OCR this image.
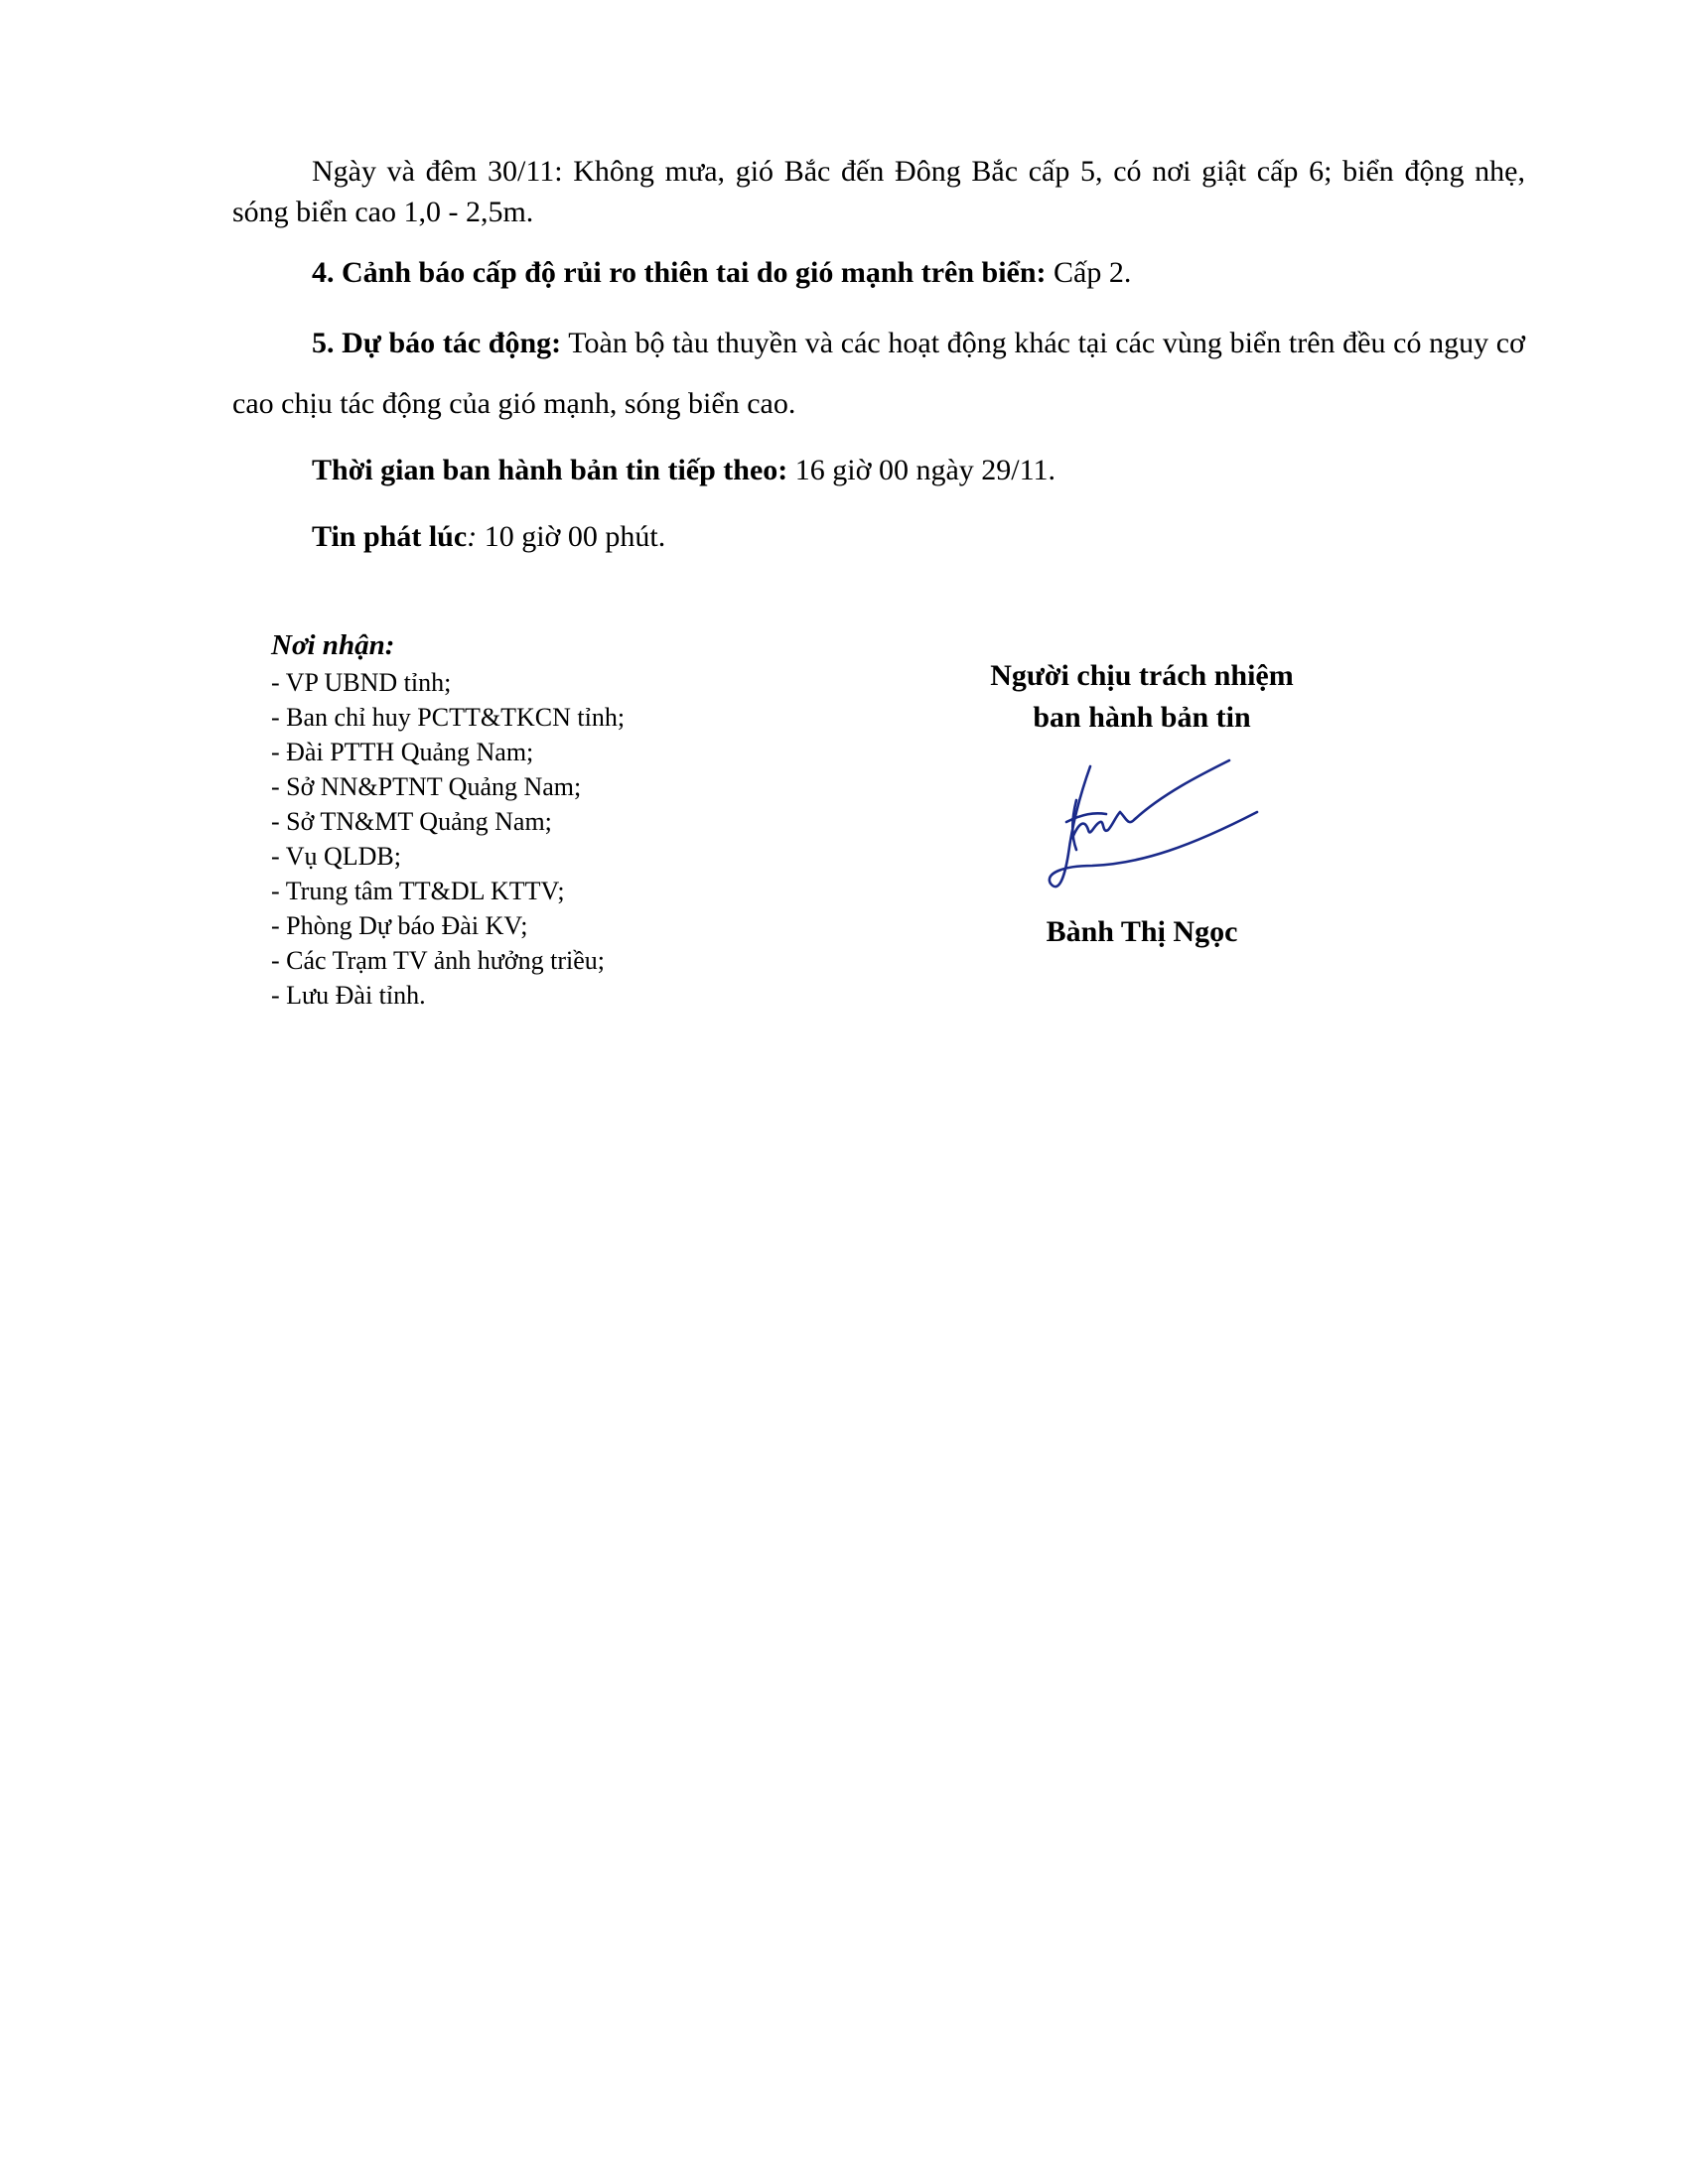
Ngày và đêm 30/11: Không mưa, gió Bắc đến Đông Bắc cấp 5, có nơi giật cấp 6; biển động nhẹ, sóng biển cao 1,0 - 2,5m.

4. Cảnh báo cấp độ rủi ro thiên tai do gió mạnh trên biển: Cấp 2.

5. Dự báo tác động: Toàn bộ tàu thuyền và các hoạt động khác tại các vùng biển trên đều có nguy cơ cao chịu tác động của gió mạnh, sóng biển cao.

Thời gian ban hành bản tin tiếp theo: 16 giờ 00 ngày 29/11.

Tin phát lúc: 10 giờ 00 phút.

Nơi nhận:
- VP UBND tỉnh;
- Ban chỉ huy PCTT&TKCN tỉnh;
- Đài PTTH Quảng Nam;
- Sở NN&PTNT Quảng Nam;
- Sở TN&MT Quảng Nam;
- Vụ QLDB;
- Trung tâm TT&DL KTTV;
- Phòng Dự báo Đài KV;
- Các Trạm TV ảnh hưởng triều;
- Lưu Đài tỉnh.
Người chịu trách nhiệm
ban hành bản tin
Bành Thị Ngọc
